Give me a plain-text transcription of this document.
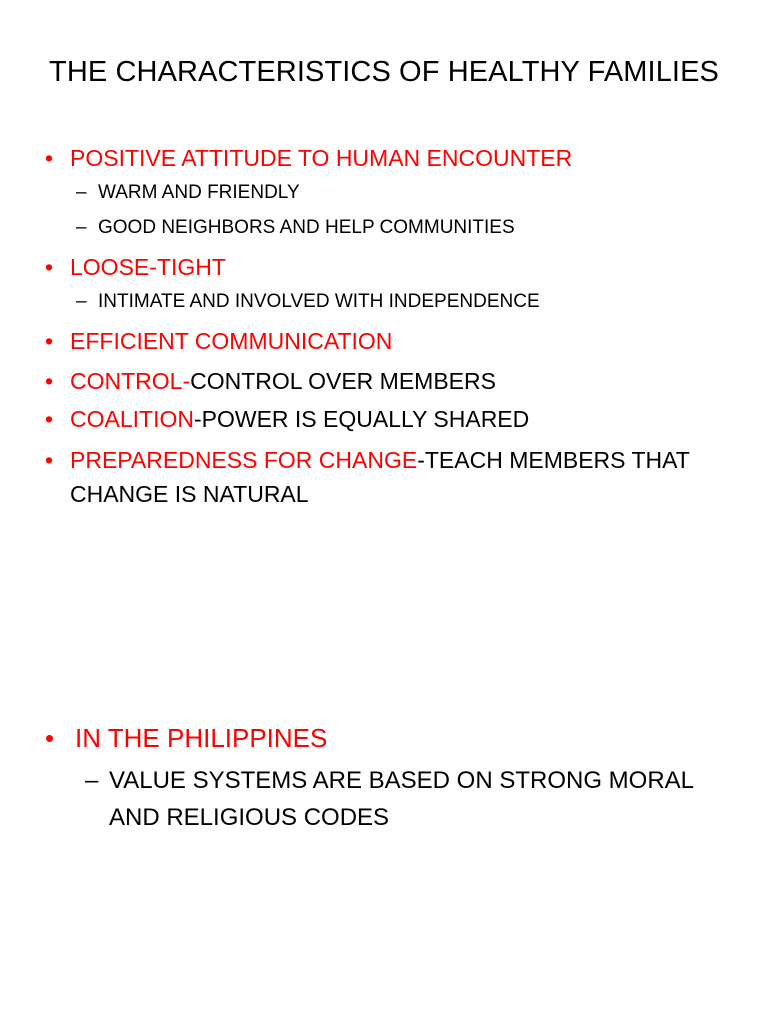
THE CHARACTERISTICS OF HEALTHY FAMILIES
• POSITIVE ATTITUDE TO HUMAN ENCOUNTER
– WARM AND FRIENDLY
– GOOD NEIGHBORS AND HELP COMMUNITIES
• LOOSE-TIGHT
– INTIMATE AND INVOLVED WITH INDEPENDENCE
• EFFICIENT COMMUNICATION
• CONTROL-CONTROL OVER MEMBERS
• COALITION-POWER IS EQUALLY SHARED
• PREPAREDNESS FOR CHANGE-TEACH MEMBERS THAT
CHANGE IS NATURAL
• IN THE PHILIPPINES
– VALUE SYSTEMS ARE BASED ON STRONG MORAL
AND RELIGIOUS CODES
